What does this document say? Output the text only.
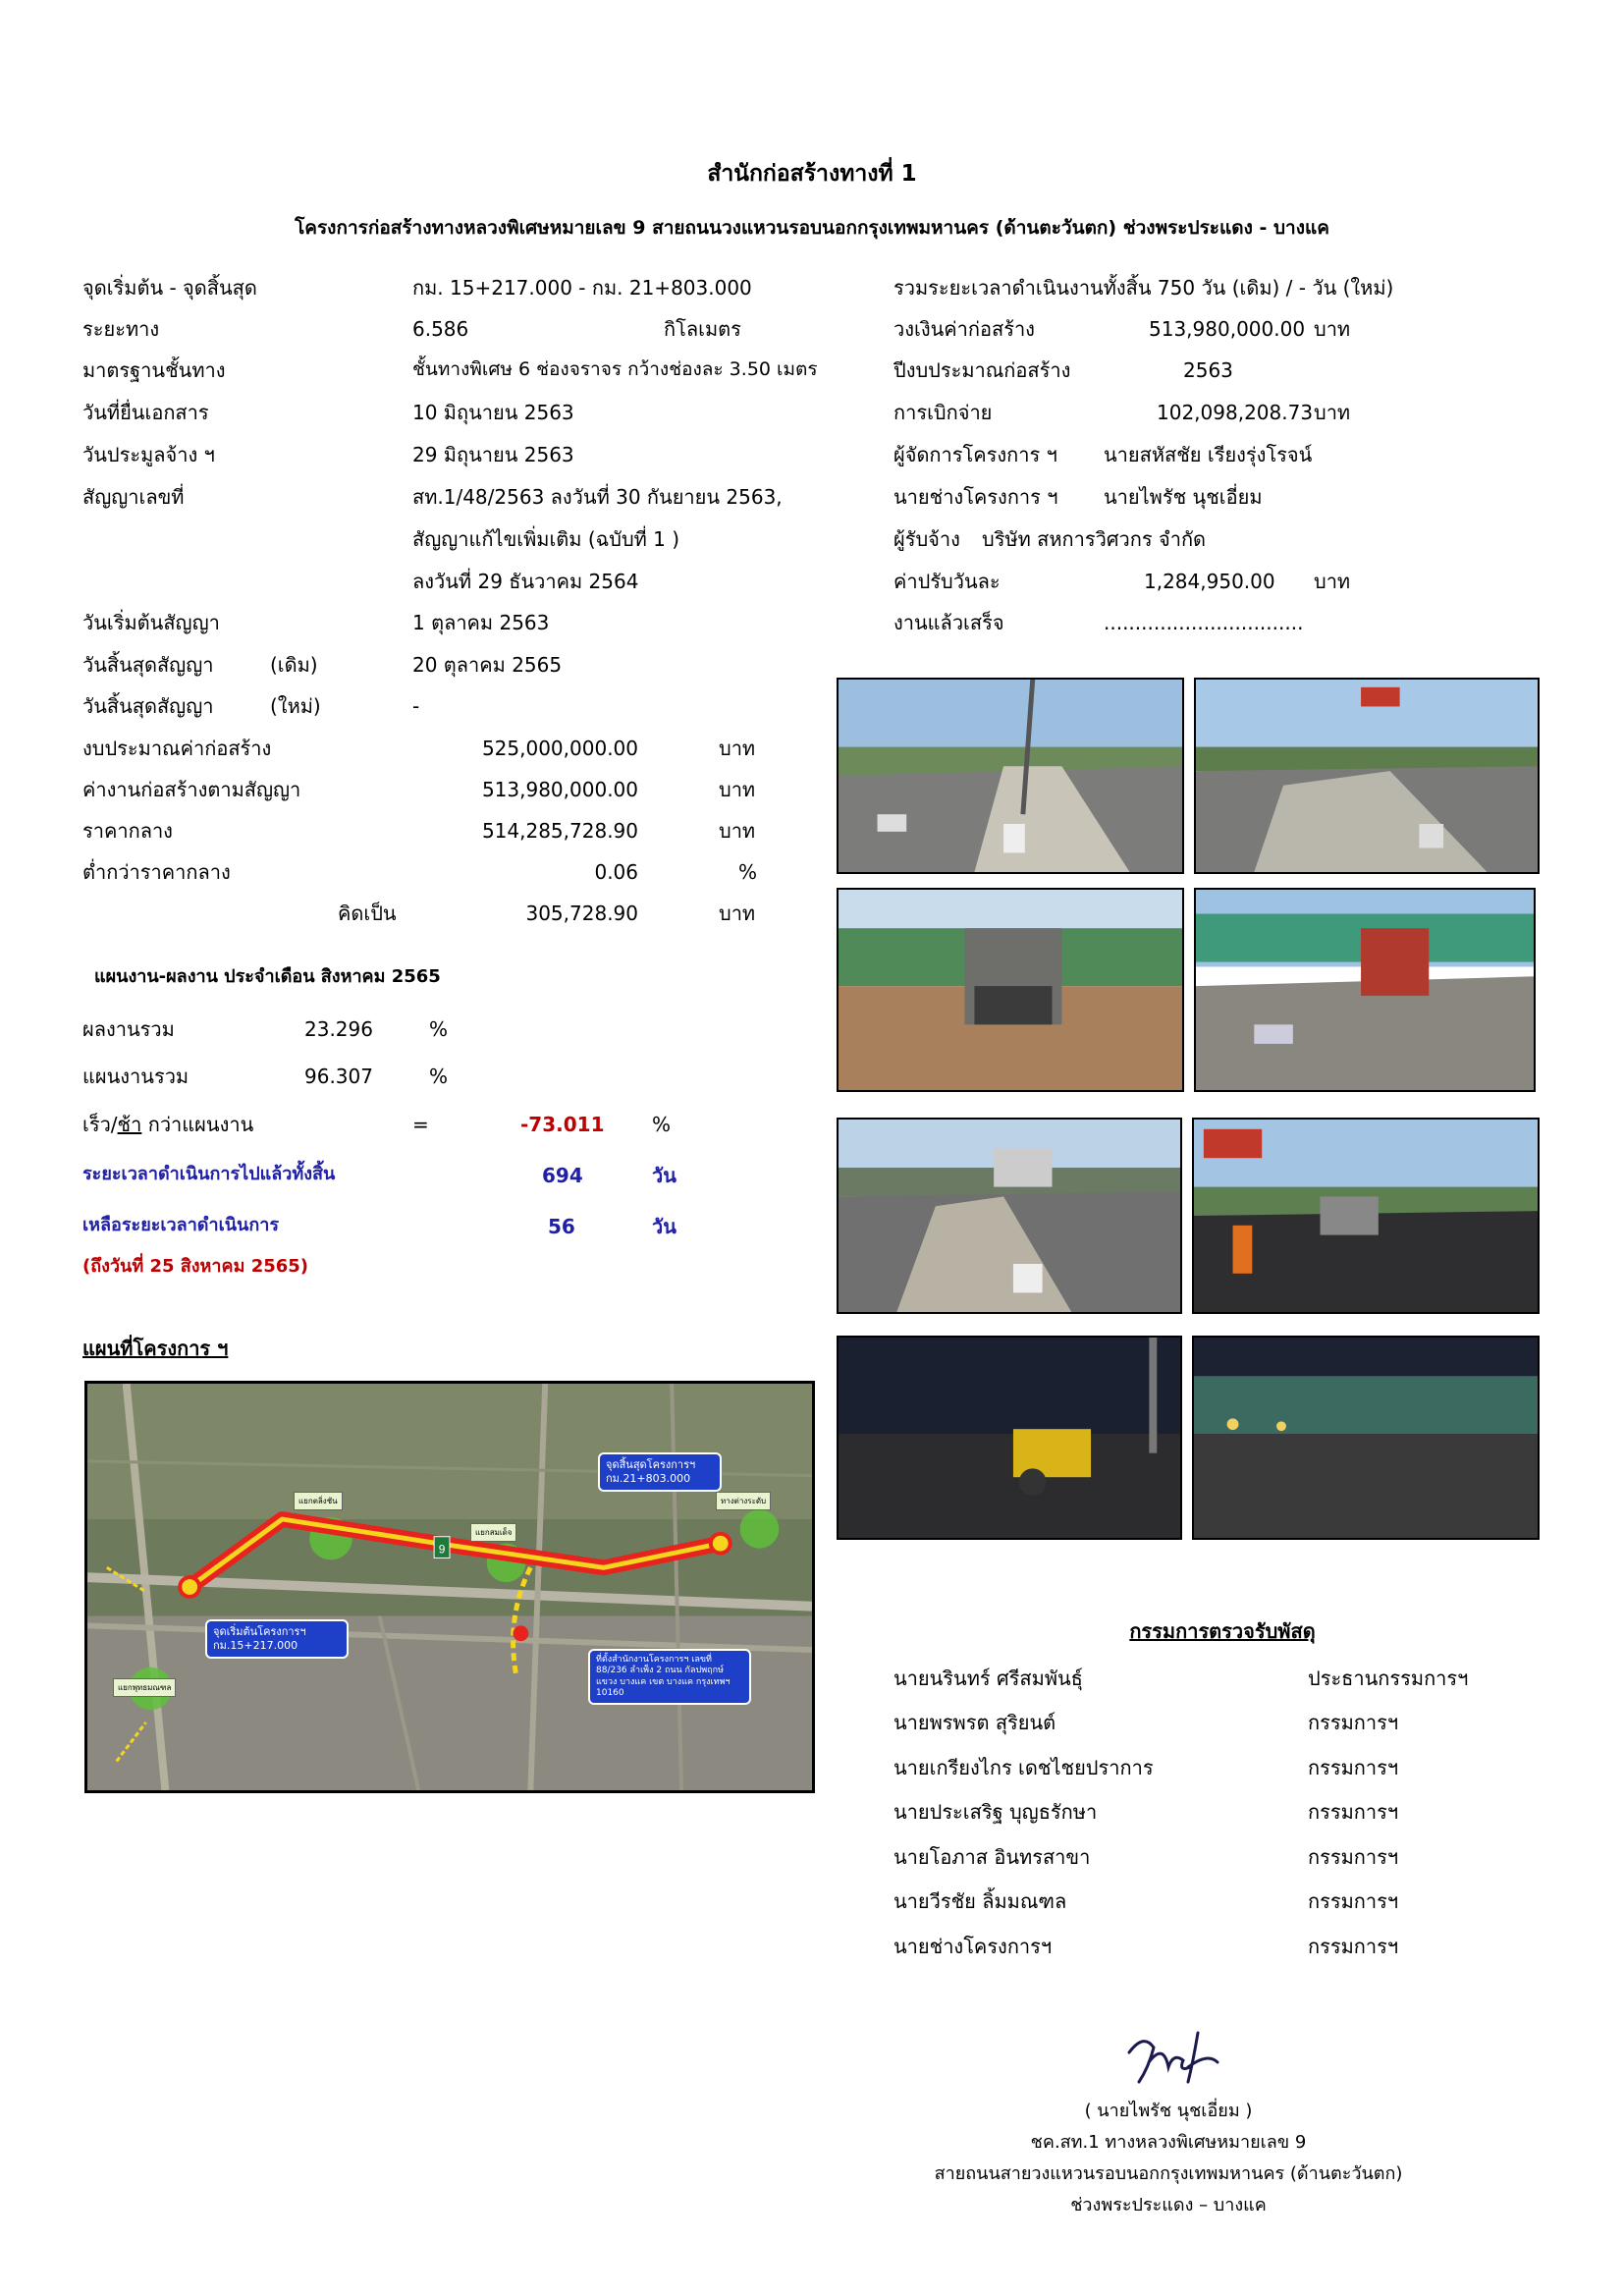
สำนักก่อสร้างทางที่ 1
โครงการก่อสร้างทางหลวงพิเศษหมายเลข 9 สายถนนวงแหวนรอบนอกกรุงเทพมหานคร (ด้านตะวันตก) ช่วงพระประแดง - บางแค
จุดเริ่มต้น - จุดสิ้นสุด	กม. 15+217.000 - กม. 21+803.000
ระยะทาง	6.586	กิโลเมตร
มาตรฐานชั้นทาง	ชั้นทางพิเศษ 6 ช่องจราจร กว้างช่องละ 3.50 เมตร
วันที่ยื่นเอกสาร	10 มิถุนายน 2563
วันประมูลจ้าง ฯ	29 มิถุนายน 2563
สัญญาเลขที่	สท.1/48/2563 ลงวันที่ 30 กันยายน 2563,
สัญญาแก้ไขเพิ่มเติม (ฉบับที่ 1 )
ลงวันที่ 29 ธันวาคม 2564
วันเริ่มต้นสัญญา	1 ตุลาคม 2563
วันสิ้นสุดสัญญา	(เดิม)	20 ตุลาคม 2565
วันสิ้นสุดสัญญา	(ใหม่)	-
รวมระยะเวลาดำเนินงานทั้งสิ้น 750 วัน (เดิม) / - วัน (ใหม่)
วงเงินค่าก่อสร้าง	513,980,000.00 บาท
ปีงบประมาณก่อสร้าง	2563
การเบิกจ่าย	102,098,208.73 บาท
ผู้จัดการโครงการ ฯ นายสหัสชัย เรียงรุ่งโรจน์
นายช่างโครงการ ฯ นายไพรัช นุชเอี่ยม
ผู้รับจ้าง บริษัท สหการวิศวกร จำกัด
ค่าปรับวันละ	1,284,950.00 บาท
งานแล้วเสร็จ	................................
งบประมาณค่าก่อสร้าง	525,000,000.00	บาท
ค่างานก่อสร้างตามสัญญา	513,980,000.00	บาท
ราคากลาง	514,285,728.90	บาท
ต่ำกว่าราคากลาง	0.06	%
คิดเป็น	305,728.90	บาท
แผนงาน-ผลงาน ประจำเดือน สิงหาคม 2565
ผลงานรวม	23.296	%
แผนงานรวม	96.307	%
เร็ว/ช้า กว่าแผนงาน	=	-73.011 %
ระยะเวลาดำเนินการไปแล้วทั้งสิ้น	694	วัน
เหลือระยะเวลาดำเนินการ	56	วัน
(ถึงวันที่ 25 สิงหาคม 2565)
แผนที่โครงการ ฯ
9
แยกพุทธมณฑล
แยกตลิ่งชัน	ทางต่างระดับ
แยกสมเด็จ
จุดเริ่มต้นโครงการฯ กม.15+217.000
จุดสิ้นสุดโครงการฯ กม.21+803.000
ที่ตั้งสำนักงานโครงการฯ เลขที่ 88/236 ลำเพ็ง 2 ถนน กัลปพฤกษ์ แขวง บางแค เขต บางแค กรุงเทพฯ 10160
กรรมการตรวจรับพัสดุ
นายนรินทร์ ศรีสมพันธุ์	ประธานกรรมการฯ
นายพรพรต สุริยนต์	กรรมการฯ
นายเกรียงไกร เดชไชยปราการ	กรรมการฯ
นายประเสริฐ บุญธรักษา	กรรมการฯ
นายโอภาส อินทรสาขา	กรรมการฯ
นายวีรชัย ลิ้มมณฑล	กรรมการฯ
นายช่างโครงการฯ	กรรมการฯ
( นายไพรัช นุชเอี่ยม )
ชค.สท.1 ทางหลวงพิเศษหมายเลข 9
สายถนนสายวงแหวนรอบนอกกรุงเทพมหานคร (ด้านตะวันตก)
ช่วงพระประแดง – บางแค
